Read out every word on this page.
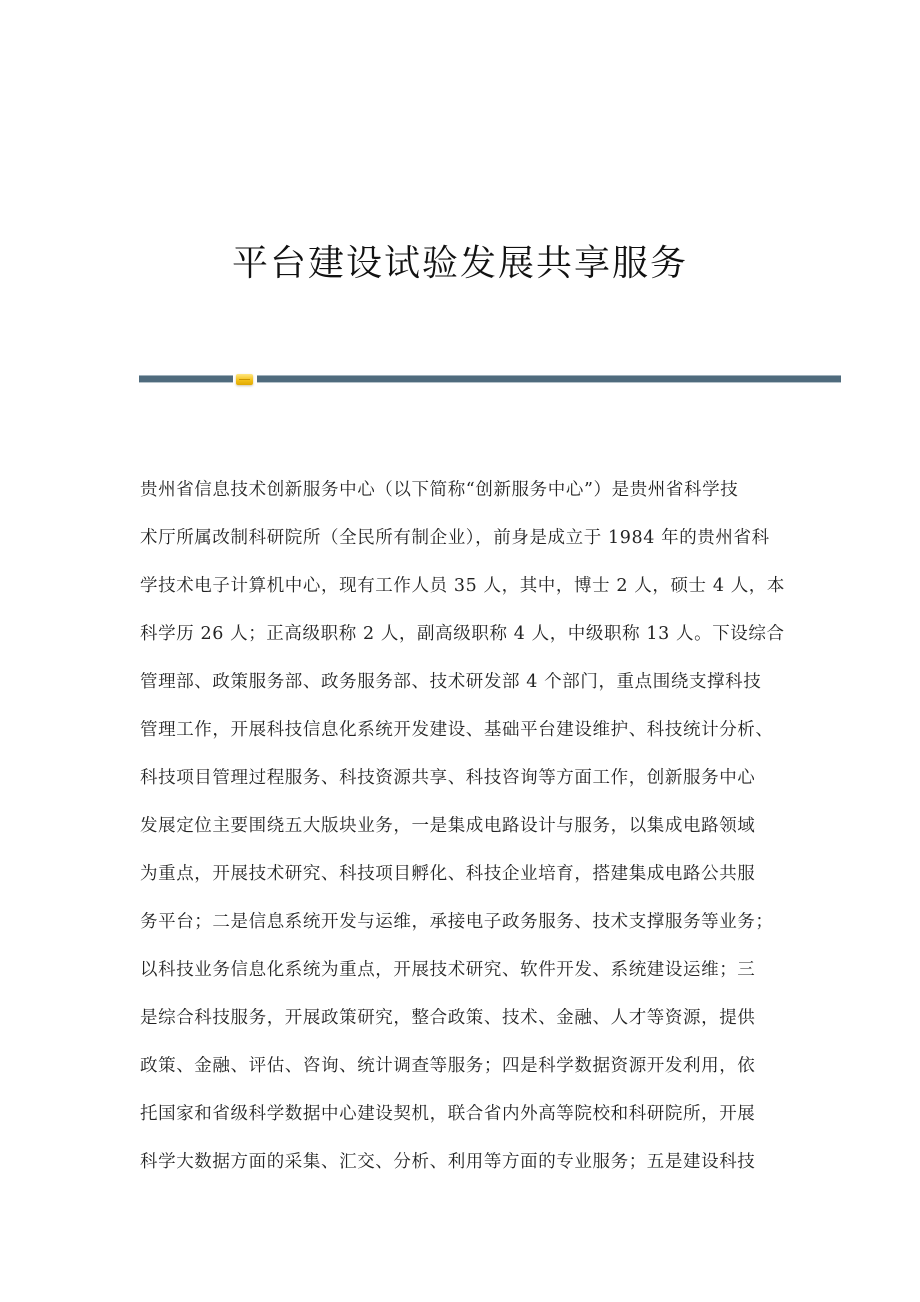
平台建设试验发展共享服务

贵州省信息技术创新服务中心（以下简称“创新服务中心”）是贵州省科学技
术厅所属改制科研院所（全民所有制企业），前身是成立于 1984 年的贵州省科
学技术电子计算机中心，现有工作人员 35 人，其中，博士 2 人，硕士 4 人，本
科学历 26 人；正高级职称 2 人，副高级职称 4 人，中级职称 13 人。下设综合
管理部、政策服务部、政务服务部、技术研发部 4 个部门，重点围绕支撑科技
管理工作，开展科技信息化系统开发建设、基础平台建设维护、科技统计分析、
科技项目管理过程服务、科技资源共享、科技咨询等方面工作，创新服务中心
发展定位主要围绕五大版块业务，一是集成电路设计与服务，以集成电路领域
为重点，开展技术研究、科技项目孵化、科技企业培育，搭建集成电路公共服
务平台；二是信息系统开发与运维，承接电子政务服务、技术支撑服务等业务；
以科技业务信息化系统为重点，开展技术研究、软件开发、系统建设运维；三
是综合科技服务，开展政策研究，整合政策、技术、金融、人才等资源，提供
政策、金融、评估、咨询、统计调查等服务；四是科学数据资源开发利用，依
托国家和省级科学数据中心建设契机，联合省内外高等院校和科研院所，开展
科学大数据方面的采集、汇交、分析、利用等方面的专业服务；五是建设科技
